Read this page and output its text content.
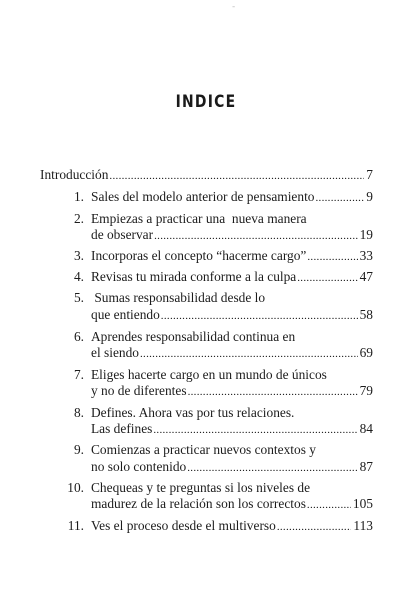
-
INDICE
Introducción .....	7
1. Sales del modelo anterior de pensamiento .....	9
2. Empiezas a practicar una  nueva manera
de observar .....	19
3. Incorporas el concepto “hacerme cargo” .....	33
4. Revisas tu mirada conforme a la culpa .....	47
5. Sumas responsabilidad desde lo
que entiendo .....	58
6. Aprendes responsabilidad continua en
el siendo .....	69
7. Eliges hacerte cargo en un mundo de únicos
y no de diferentes .....	79
8. Defines. Ahora vas por tus relaciones.
Las defines .....	84
9. Comienzas a practicar nuevos contextos y
no solo contenido .....	87
10. Chequeas y te preguntas si los niveles de
madurez de la relación son los correctos .....	105
11. Ves el proceso desde el multiverso .....	113
